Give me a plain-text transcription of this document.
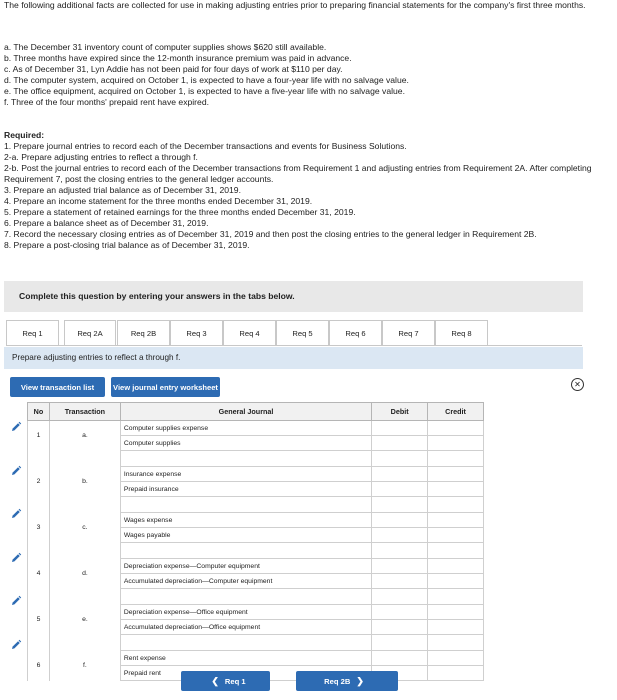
The following additional facts are collected for use in making adjusting entries prior to preparing financial statements for the company's first three months.
a. The December 31 inventory count of computer supplies shows $620 still available.
b. Three months have expired since the 12-month insurance premium was paid in advance.
c. As of December 31, Lyn Addie has not been paid for four days of work at $110 per day.
d. The computer system, acquired on October 1, is expected to have a four-year life with no salvage value.
e. The office equipment, acquired on October 1, is expected to have a five-year life with no salvage value.
f. Three of the four months' prepaid rent have expired.
Required:
1. Prepare journal entries to record each of the December transactions and events for Business Solutions.
2-a. Prepare adjusting entries to reflect a through f.
2-b. Post the journal entries to record each of the December transactions from Requirement 1 and adjusting entries from Requirement 2A. After completing Requirement 7, post the closing entries to the general ledger accounts.
3. Prepare an adjusted trial balance as of December 31, 2019.
4. Prepare an income statement for the three months ended December 31, 2019.
5. Prepare a statement of retained earnings for the three months ended December 31, 2019.
6. Prepare a balance sheet as of December 31, 2019.
7. Record the necessary closing entries as of December 31, 2019 and then post the closing entries to the general ledger in Requirement 2B.
8. Prepare a post-closing trial balance as of December 31, 2019.
Complete this question by entering your answers in the tabs below.
Req 1	Req 2A	Req 2B	Req 3	Req 4	Req 5	Req 6	Req 7	Req 8
Prepare adjusting entries to reflect a through f.
View transaction list	View journal entry worksheet	✕
No	Transaction	General Journal	Debit	Credit
1	a.	Computer supplies expense		
		Computer supplies		

2	b.	Insurance expense		
		Prepaid insurance		

3	c.	Wages expense		
		Wages payable		

4	d.	Depreciation expense—Computer equipment		
		Accumulated depreciation—Computer equipment		

5	e.	Depreciation expense—Office equipment		
		Accumulated depreciation—Office equipment		

6	f.	Rent expense		
		Prepaid rent		
❮ Req 1	Req 2B ❯
